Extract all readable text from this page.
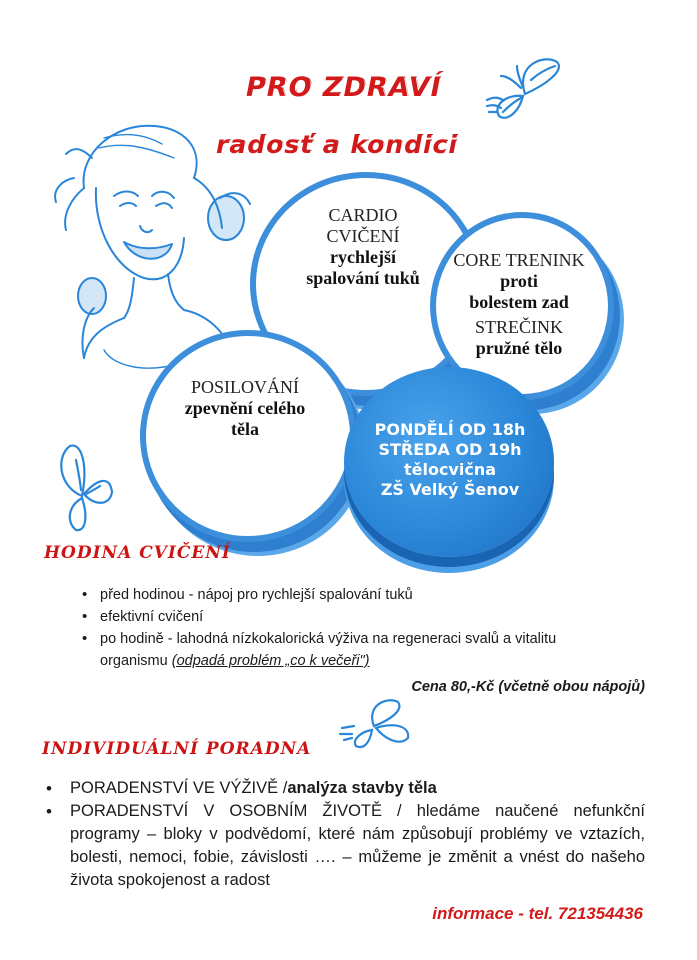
PRO ZDRAVÍ
radosť a kondici
CARDIO
CVIČENÍ
rychlejší
spalování tuků
CORE TRENINK
proti
bolestem zad
STREČINK
pružné tělo
POSILOVÁNÍ
zpevnění celého
těla	PONDĚLÍ OD 18h
STŘEDA OD 19h
tělocvična
ZŠ Velký Šenov
HODINA CVIČENÍ
• před hodinou - nápoj pro rychlejší spalování tuků
• efektivní cvičení
• po hodině - lahodná nízkokalorická výživa na regeneraci svalů a vitalitu
organismu (odpadá problém „co k večeři")
Cena 80,-Kč (včetně obou nápojů)
INDIVIDUÁLNÍ PORADNA
• PORADENSTVÍ VE VÝŽIVĚ /analýza stavby těla
• PORADENSTVÍ V OSOBNÍM ŽIVOTĚ / hledáme naučené nefunkční programy – bloky v podvědomí, které nám způsobují problémy ve vztazích, bolesti, nemoci, fobie, závislosti …. – můžeme je změnit a vnést do našeho života spokojenost a radost
informace - tel. 721354436
